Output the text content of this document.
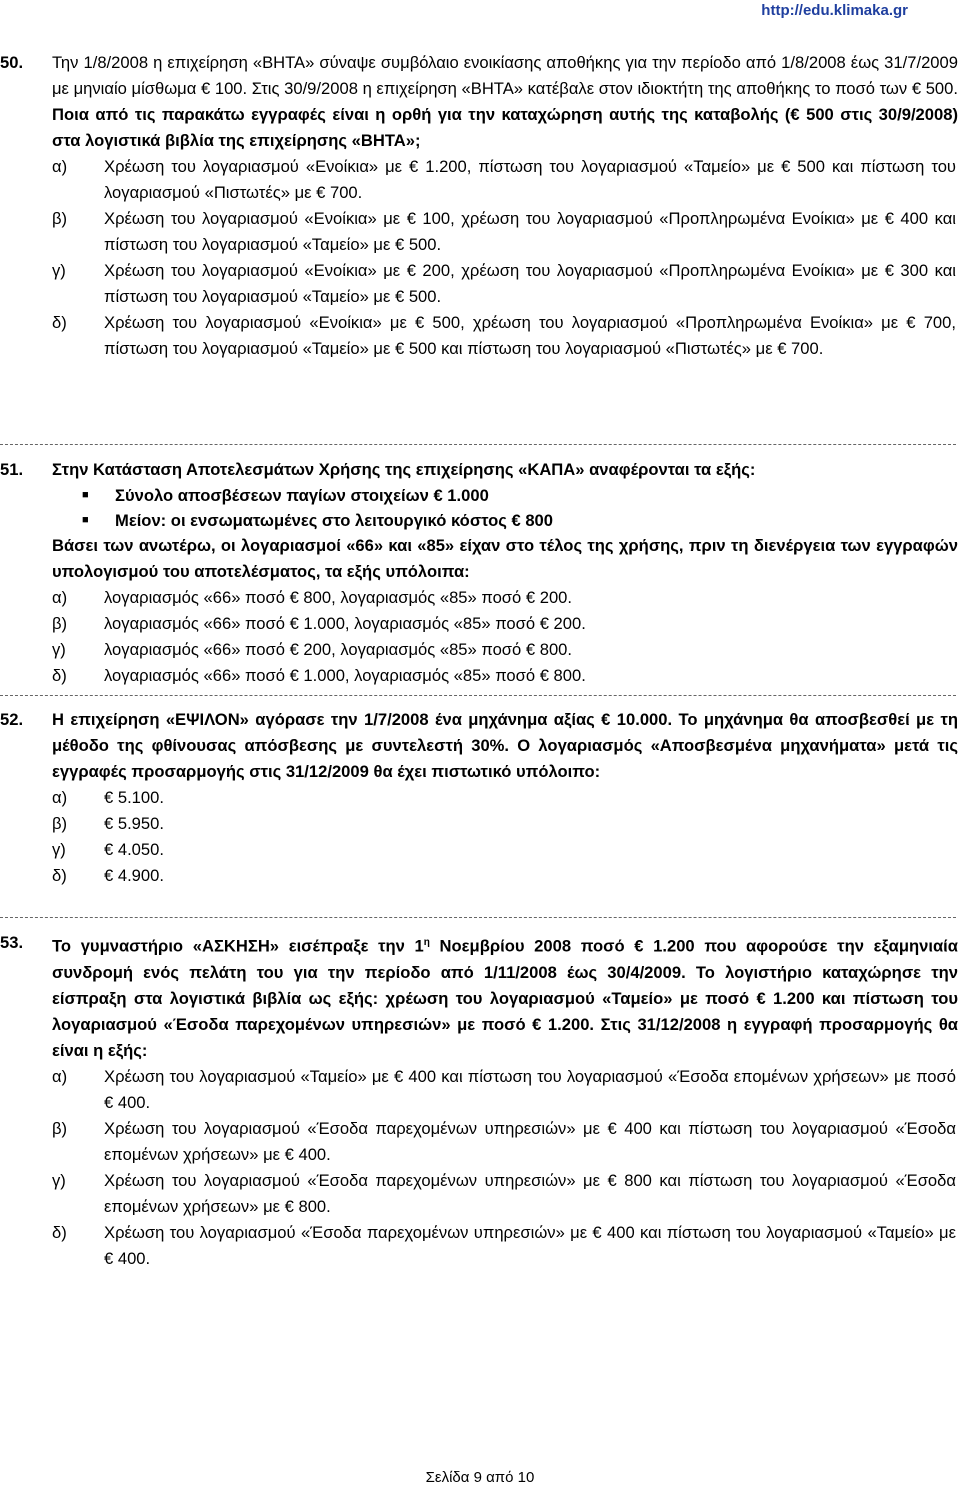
http://edu.klimaka.gr

50. Την 1/8/2008 η επιχείρηση «ΒΗΤΑ» σύναψε συμβόλαιο ενοικίασης αποθήκης για την περίοδο από 1/8/2008 έως 31/7/2009 με μηνιαίο μίσθωμα € 100. Στις 30/9/2008 η επιχείρηση «ΒΗΤΑ» κατέβαλε στον ιδιοκτήτη της αποθήκης το ποσό των € 500. Ποια από τις παρακάτω εγγραφές είναι η ορθή για την καταχώρηση αυτής της καταβολής (€ 500 στις 30/9/2008) στα λογιστικά βιβλία της επιχείρησης «ΒΗΤΑ»;

α)	Χρέωση του λογαριασμού «Ενοίκια» με € 1.200, πίστωση του λογαριασμού «Ταμείο» με € 500 και πίστωση του λογαριασμού «Πιστωτές» με € 700.
β)	Χρέωση του λογαριασμού «Ενοίκια» με € 100, χρέωση του λογαριασμού «Προπληρωμένα Ενοίκια» με € 400 και πίστωση του λογαριασμού «Ταμείο» με € 500.
γ)	Χρέωση του λογαριασμού «Ενοίκια» με € 200, χρέωση του λογαριασμού «Προπληρωμένα Ενοίκια» με € 300 και πίστωση του λογαριασμού «Ταμείο» με € 500.
δ)	Χρέωση του λογαριασμού «Ενοίκια» με € 500, χρέωση του λογαριασμού «Προπληρωμένα Ενοίκια» με € 700, πίστωση του λογαριασμού «Ταμείο» με € 500 και πίστωση του λογαριασμού «Πιστωτές» με € 700.

51. Στην Κατάσταση Αποτελεσμάτων Χρήσης της επιχείρησης «ΚΑΠΑ» αναφέρονται τα εξής:

■ Σύνολο αποσβέσεων παγίων στοιχείων € 1.000
■ Μείον: οι ενσωματωμένες στο λειτουργικό κόστος € 800

Βάσει των ανωτέρω, οι λογαριασμοί «66» και «85» είχαν στο τέλος της χρήσης, πριν τη διενέργεια των εγγραφών υπολογισμού του αποτελέσματος, τα εξής υπόλοιπα:

α)	λογαριασμός «66» ποσό € 800, λογαριασμός «85» ποσό € 200.
β)	λογαριασμός «66» ποσό € 1.000, λογαριασμός «85» ποσό € 200.
γ)	λογαριασμός «66» ποσό € 200, λογαριασμός «85» ποσό € 800.
δ)	λογαριασμός «66» ποσό € 1.000, λογαριασμός «85» ποσό € 800.

52. Η επιχείρηση «ΕΨΙΛΟΝ» αγόρασε την 1/7/2008 ένα μηχάνημα αξίας € 10.000. Το μηχάνημα θα αποσβεσθεί με τη μέθοδο της φθίνουσας απόσβεσης με συντελεστή 30%. Ο λογαριασμός «Αποσβεσμένα μηχανήματα» μετά τις εγγραφές προσαρμογής στις 31/12/2009 θα έχει πιστωτικό υπόλοιπο:

α)	€ 5.100.
β)	€ 5.950.
γ)	€ 4.050.
δ)	€ 4.900.

53. Το γυμναστήριο «ΑΣΚΗΣΗ» εισέπραξε την $1^\eta$ Νοεμβρίου 2008 ποσό € 1.200 που αφορούσε την εξαμηνιαία συνδρομή ενός πελάτη του για την περίοδο από 1/11/2008 έως 30/4/2009. Το λογιστήριο καταχώρησε την είσπραξη στα λογιστικά βιβλία ως εξής: χρέωση του λογαριασμού «Ταμείο» με ποσό € 1.200 και πίστωση του λογαριασμού «Έσοδα παρεχομένων υπηρεσιών» με ποσό € 1.200. Στις 31/12/2008 η εγγραφή προσαρμογής θα είναι η εξής:

α)	Χρέωση του λογαριασμού «Ταμείο» με € 400 και πίστωση του λογαριασμού «Έσοδα επομένων χρήσεων» με ποσό € 400.
β)	Χρέωση του λογαριασμού «Έσοδα παρεχομένων υπηρεσιών» με € 400 και πίστωση του λογαριασμού «Έσοδα επομένων χρήσεων» με € 400.
γ)	Χρέωση του λογαριασμού «Έσοδα παρεχομένων υπηρεσιών» με € 800 και πίστωση του λογαριασμού «Έσοδα επομένων χρήσεων» με € 800.
δ)	Χρέωση του λογαριασμού «Έσοδα παρεχομένων υπηρεσιών» με € 400 και πίστωση του λογαριασμού «Ταμείο» με € 400.
Σελίδα 9 από 10
